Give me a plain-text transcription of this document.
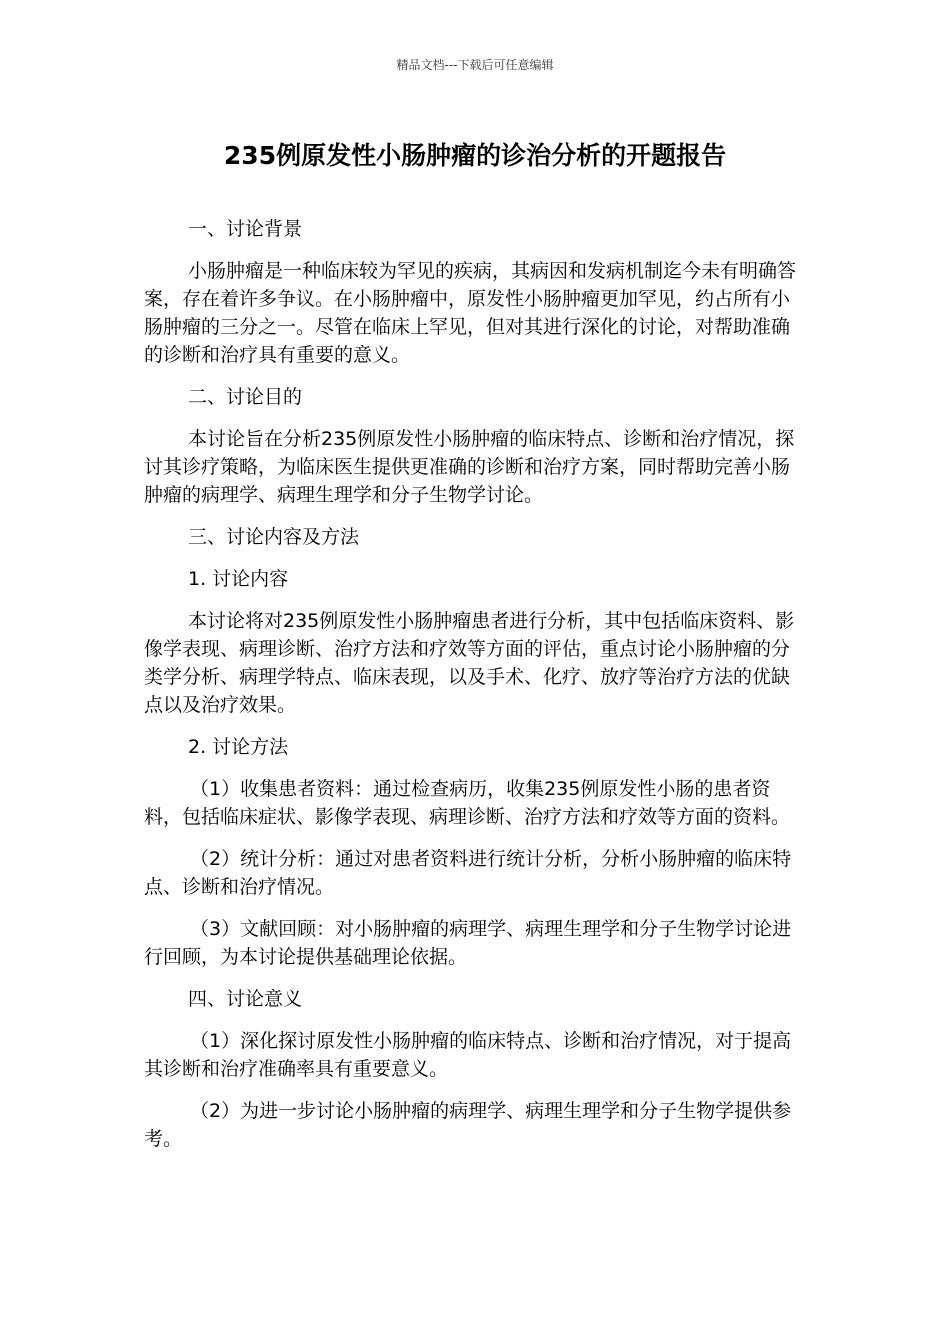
精品文档---下载后可任意编辑
235例原发性小肠肿瘤的诊治分析的开题报告

一、讨论背景

小肠肿瘤是一种临床较为罕见的疾病，其病因和发病机制迄今未有明确答案，存在着许多争议。在小肠肿瘤中，原发性小肠肿瘤更加罕见，约占所有小肠肿瘤的三分之一。尽管在临床上罕见，但对其进行深化的讨论，对帮助准确的诊断和治疗具有重要的意义。

二、讨论目的

本讨论旨在分析235例原发性小肠肿瘤的临床特点、诊断和治疗情况，探讨其诊疗策略，为临床医生提供更准确的诊断和治疗方案，同时帮助完善小肠肿瘤的病理学、病理生理学和分子生物学讨论。

三、讨论内容及方法

1. 讨论内容

本讨论将对235例原发性小肠肿瘤患者进行分析，其中包括临床资料、影像学表现、病理诊断、治疗方法和疗效等方面的评估，重点讨论小肠肿瘤的分类学分析、病理学特点、临床表现，以及手术、化疗、放疗等治疗方法的优缺点以及治疗效果。

2. 讨论方法

（1）收集患者资料：通过检查病历，收集235例原发性小肠的患者资料，包括临床症状、影像学表现、病理诊断、治疗方法和疗效等方面的资料。

（2）统计分析：通过对患者资料进行统计分析，分析小肠肿瘤的临床特点、诊断和治疗情况。

（3）文献回顾：对小肠肿瘤的病理学、病理生理学和分子生物学讨论进行回顾，为本讨论提供基础理论依据。

四、讨论意义

（1）深化探讨原发性小肠肿瘤的临床特点、诊断和治疗情况，对于提高其诊断和治疗准确率具有重要意义。

（2）为进一步讨论小肠肿瘤的病理学、病理生理学和分子生物学提供参考。
